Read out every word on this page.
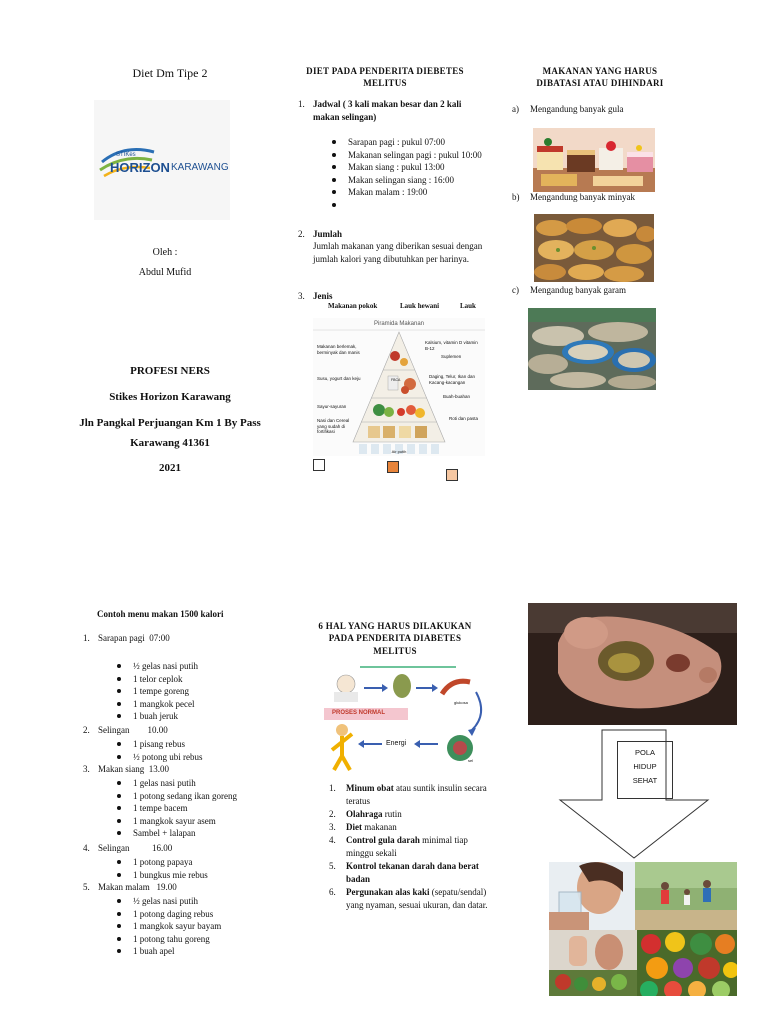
Diet Dm Tipe 2
STIKes
HORIZON KARAWANG
Oleh :
Abdul Mufid
PROFESI NERS
Stikes Horizon Karawang
Jln Pangkal Perjuangan Km 1 By Pass
Karawang 41361
2021
DIET PADA PENDERITA DIEBETES
MELITUS
1. Jadwal ( 3 kali makan besar dan 2 kali makan selingan)
Sarapan pagi : pukul 07:00
Makanan selingan pagi : pukul 10:00
Makan siang : pukul 13:00
Makan selingan siang : 16:00
Makan malam : 19:00
2. Jumlah
Jumlah makanan yang diberikan sesuai dengan jumlah kalori yang dibutuhkan per harinya.
3. Jenis
Makanan pokok	Lauk hewani	Lauk
Piramida Makanan
Makanan berlemak, berminyak dan manis
Susu, yogurt dan keju
Sayur-sayuran
Nasi dan Cereal yang sudah di fortifikasi
Kalsium, vitamin D vitamin B-12
Suplemen
Daging, Telur, Ikan dan Kacang-kacangan
Buah-buahan
Roti dan pasta
FBCA
Air putih
MAKANAN YANG HARUS
DIBATASI ATAU DIHINDARI
a) Mengandung banyak gula
b) Mengandung banyak minyak
c) Mengandug banyak garam
Contoh menu makan 1500 kalori
1. Sarapan pagi  07:00
½ gelas nasi putih
1 telor ceplok
1 tempe goreng
1 mangkok pecel
1 buah jeruk
2. Selingan        10.00
1 pisang rebus
½ potong ubi rebus
3. Makan siang  13.00
1 gelas nasi putih
1 potong sedang ikan goreng
1 tempe bacem
1 mangkok sayur asem
Sambel + lalapan
4. Selingan          16.00
1 potong papaya
1 bungkus mie rebus
5. Makan malam   19.00
½ gelas nasi putih
1 potong daging rebus
1 mangkok sayur bayam
1 potong tahu goreng
1 buah apel
6 HAL YANG HARUS DILAKUKAN
PADA PENDERITA DIABETES
MELITUS
PROSES NORMAL
Energi
glukosa
sel
1. Minum obat atau suntik insulin secara teratus
2. Olahraga rutin
3. Diet makanan
4. Control gula darah minimal tiap minggu sekali
5. Kontrol tekanan darah dana berat badan
6. Pergunakan alas kaki (sepatu/sendal) yang nyaman, sesuai ukuran, dan datar.
POLA
HIDUP
SEHAT
